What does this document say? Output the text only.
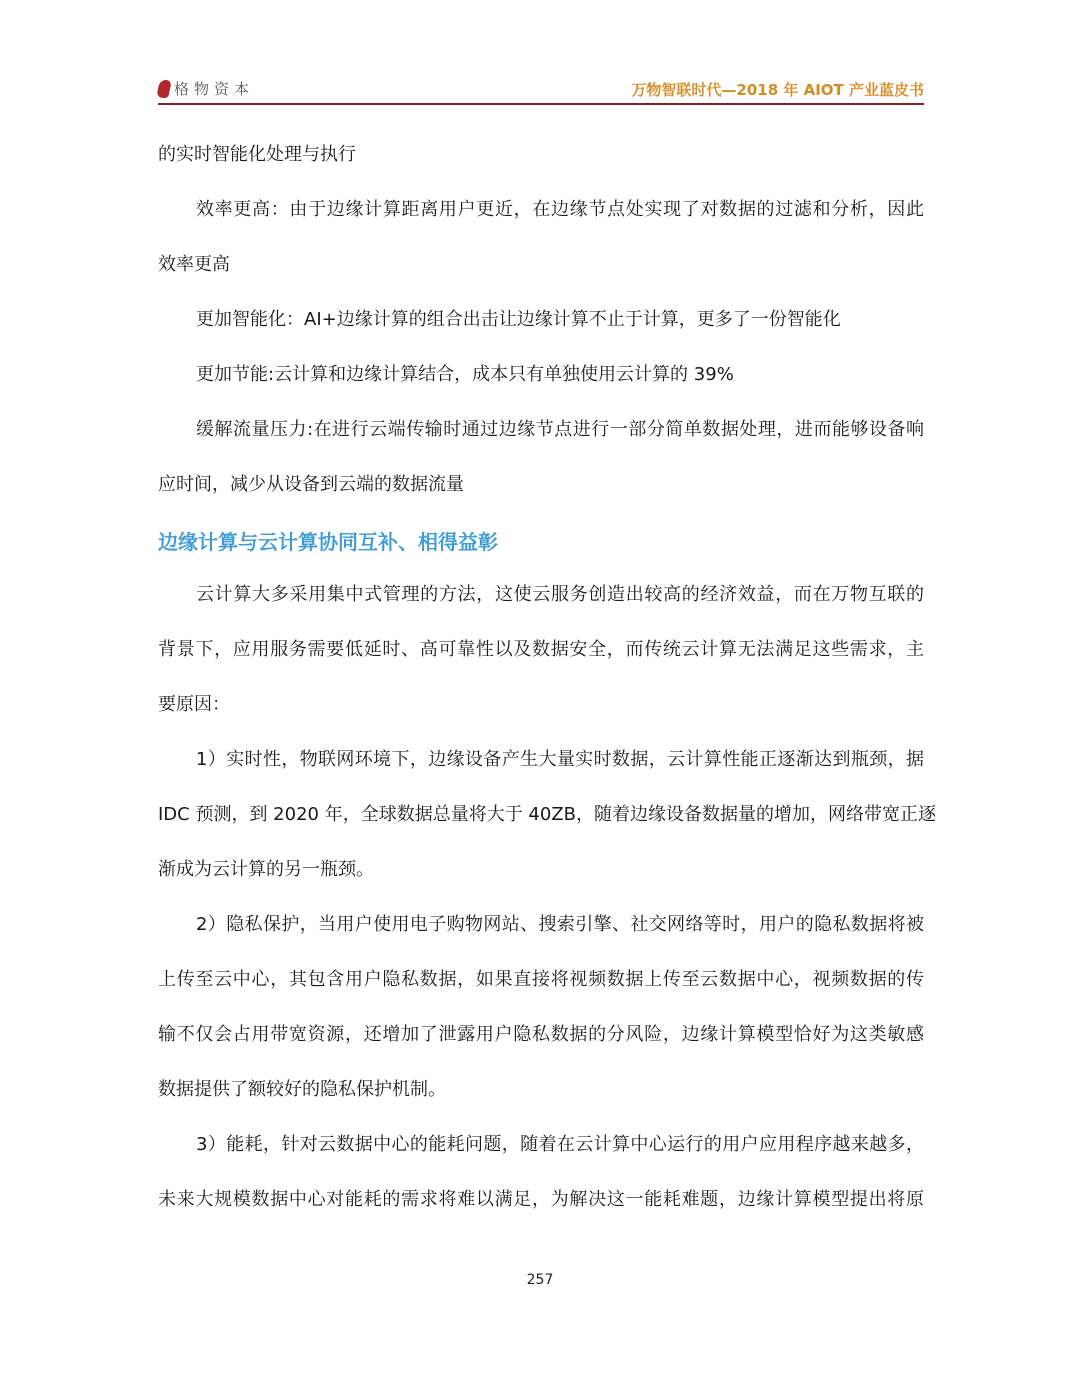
格物资本	万物智联时代—2018 年 AIOT 产业蓝皮书
的实时智能化处理与执行
效率更高：由于边缘计算距离用户更近，在边缘节点处实现了对数据的过滤和分析，因此
效率更高
更加智能化：AI+边缘计算的组合出击让边缘计算不止于计算，更多了一份智能化
更加节能:云计算和边缘计算结合，成本只有单独使用云计算的 39%
缓解流量压力:在进行云端传输时通过边缘节点进行一部分简单数据处理，进而能够设备响
应时间，减少从设备到云端的数据流量
边缘计算与云计算协同互补、相得益彰
云计算大多采用集中式管理的方法，这使云服务创造出较高的经济效益，而在万物互联的
背景下，应用服务需要低延时、高可靠性以及数据安全，而传统云计算无法满足这些需求，主
要原因：
1）实时性，物联网环境下，边缘设备产生大量实时数据，云计算性能正逐渐达到瓶颈，据
IDC 预测，到 2020 年，全球数据总量将大于 40ZB，随着边缘设备数据量的增加，网络带宽正逐
渐成为云计算的另一瓶颈。
2）隐私保护，当用户使用电子购物网站、搜索引擎、社交网络等时，用户的隐私数据将被
上传至云中心，其包含用户隐私数据，如果直接将视频数据上传至云数据中心，视频数据的传
输不仅会占用带宽资源，还增加了泄露用户隐私数据的分风险，边缘计算模型恰好为这类敏感
数据提供了额较好的隐私保护机制。
3）能耗，针对云数据中心的能耗问题，随着在云计算中心运行的用户应用程序越来越多，
未来大规模数据中心对能耗的需求将难以满足，为解决这一能耗难题，边缘计算模型提出将原
257
